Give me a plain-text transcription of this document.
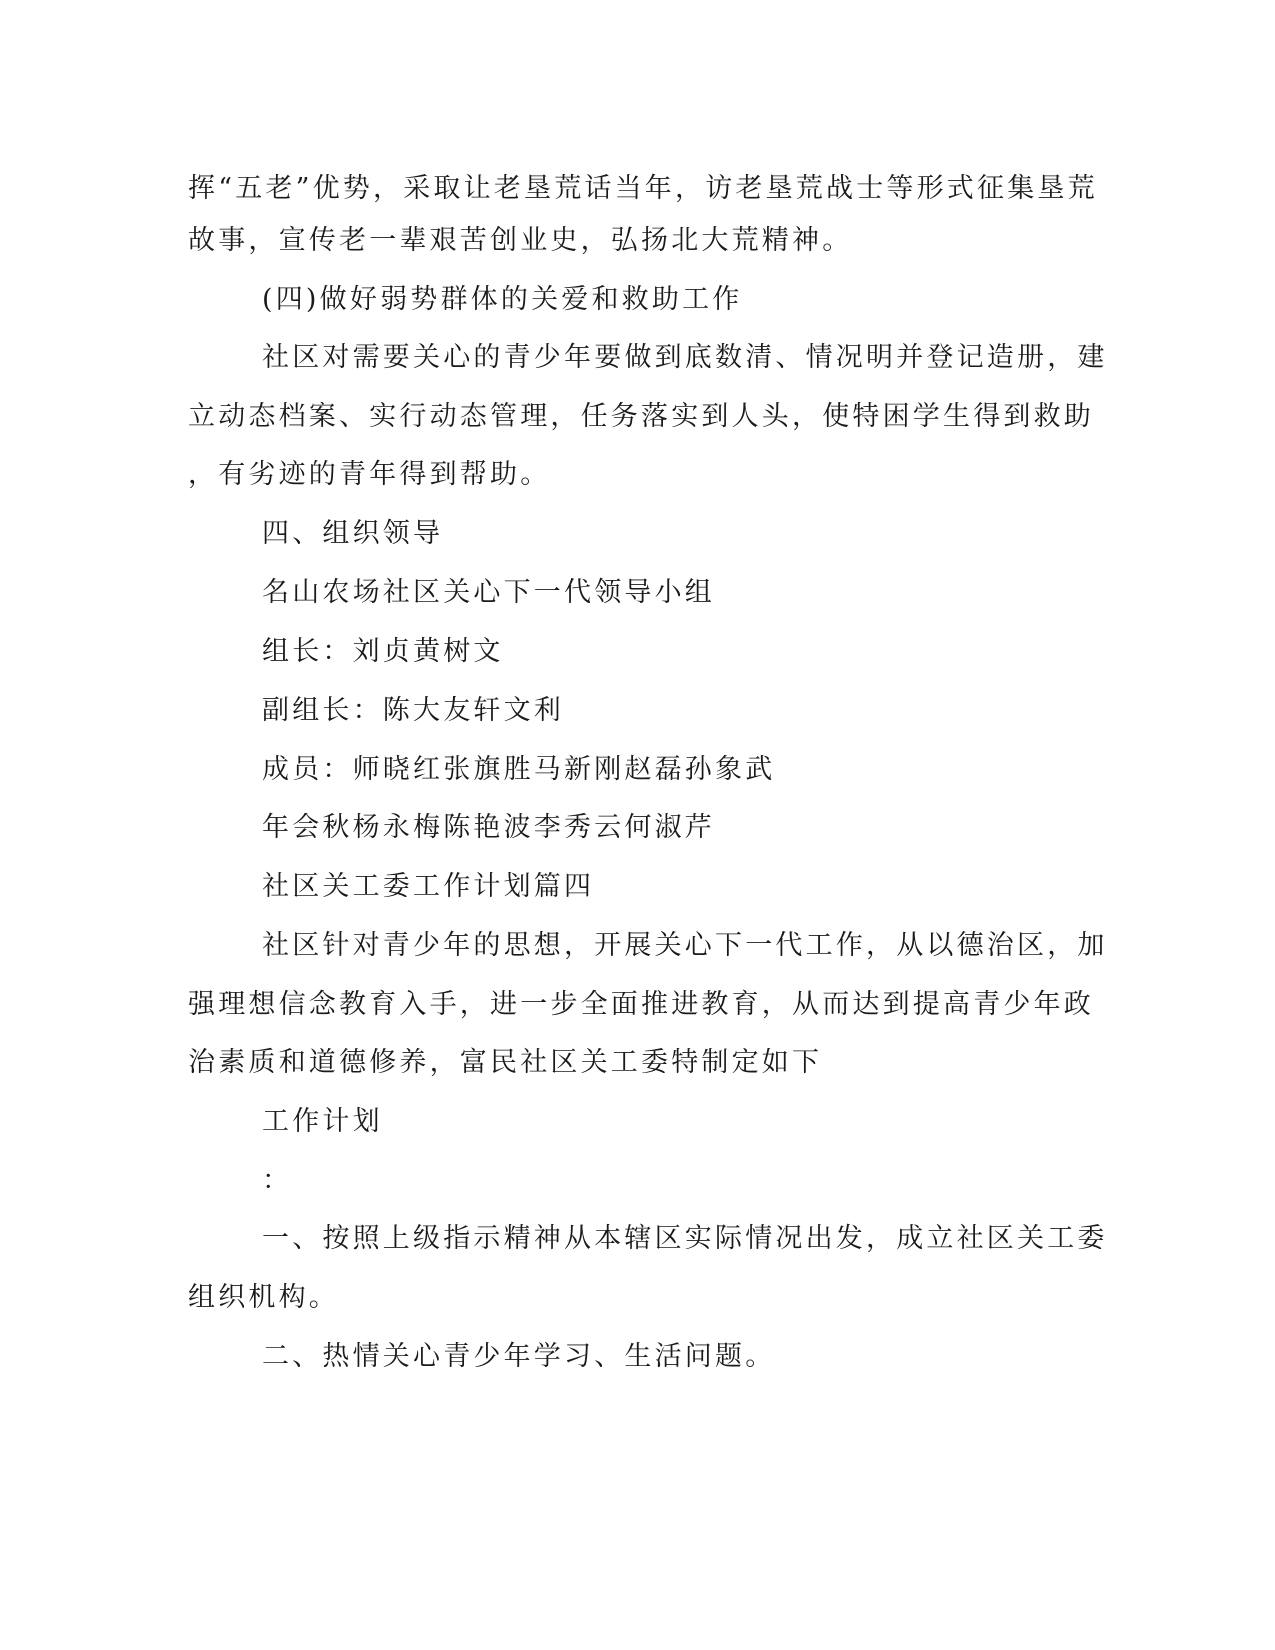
挥“五老”优势，采取让老垦荒话当年，访老垦荒战士等形式征集垦荒
故事，宣传老一辈艰苦创业史，弘扬北大荒精神。
(四)做好弱势群体的关爱和救助工作
社区对需要关心的青少年要做到底数清、情况明并登记造册，建
立动态档案、实行动态管理，任务落实到人头，使特困学生得到救助
，有劣迹的青年得到帮助。
四、组织领导
名山农场社区关心下一代领导小组
组长：刘贞黄树文
副组长：陈大友轩文利
成员：师晓红张旗胜马新刚赵磊孙象武
年会秋杨永梅陈艳波李秀云何淑芹
社区关工委工作计划篇四
社区针对青少年的思想，开展关心下一代工作，从以德治区，加
强理想信念教育入手，进一步全面推进教育，从而达到提高青少年政
治素质和道德修养，富民社区关工委特制定如下
工作计划
：
一、按照上级指示精神从本辖区实际情况出发，成立社区关工委
组织机构。
二、热情关心青少年学习、生活问题。
